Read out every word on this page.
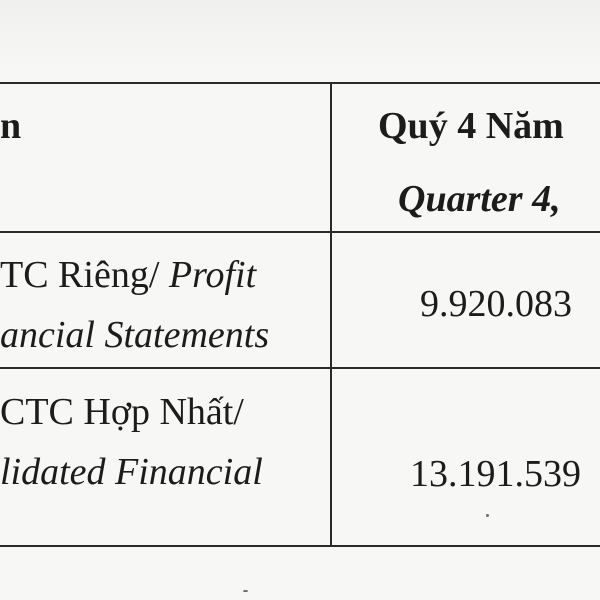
n	Quý 4 Năm
Quarter 4,
TC Riêng/ Profit
ancial Statements
9.920.083
CTC Hợp Nhất/
lidated Financial	13.191.539
